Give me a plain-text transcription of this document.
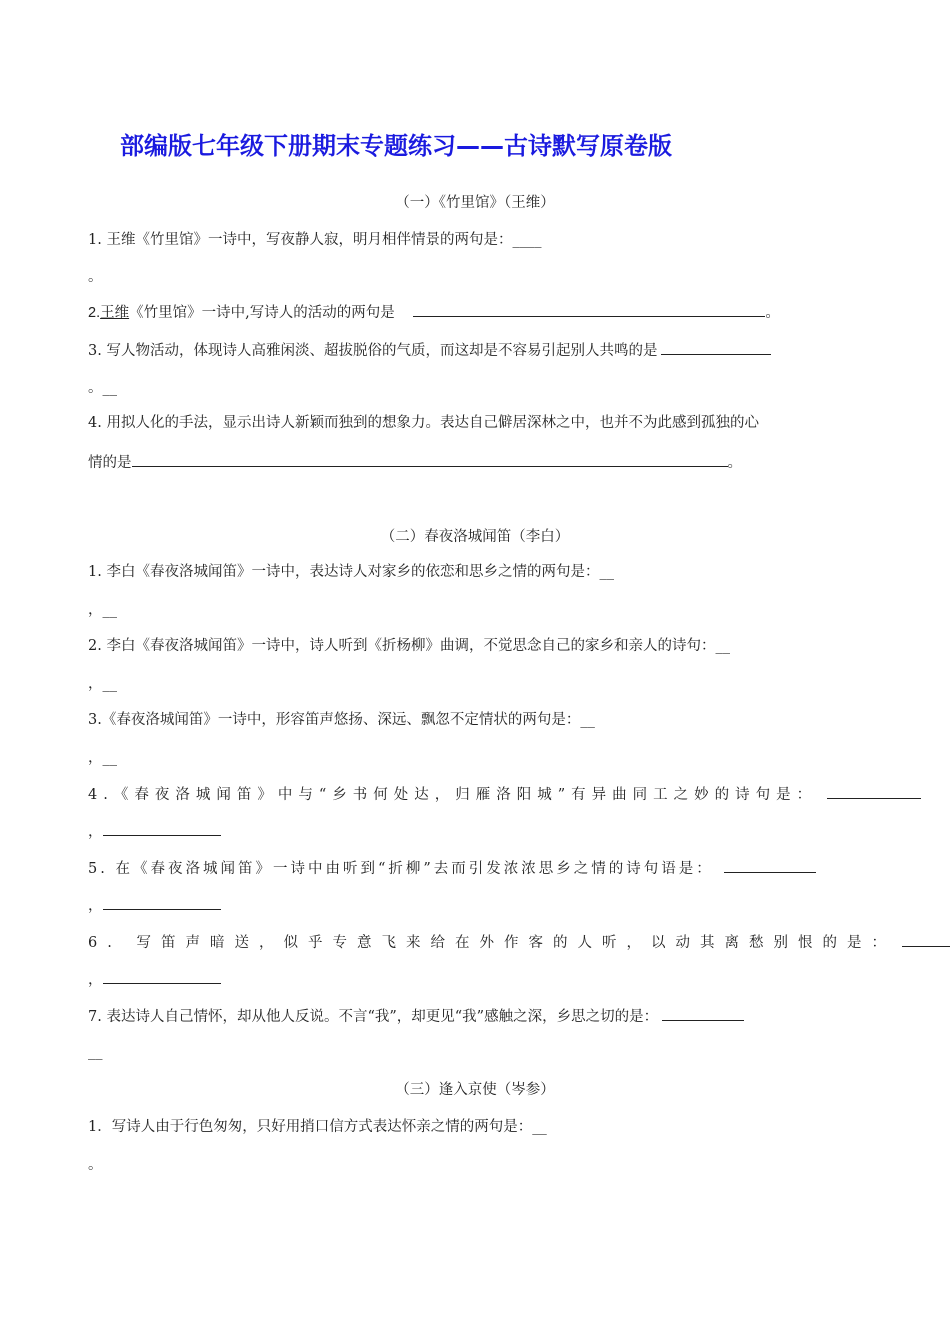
部编版七年级下册期末专题练习——古诗默写原卷版
（一）《竹里馆》（王维）
1. 王维《竹里馆》一诗中，写夜静人寂，明月相伴情景的两句是：____
。
2.王维《竹里馆》一诗中,写诗人的活动的两句是	。
3. 写人物活动，体现诗人高雅闲淡、超拔脱俗的气质，而这却是不容易引起别人共鸣的是
。__
4. 用拟人化的手法，显示出诗人新颖而独到的想象力。表达自己僻居深林之中，也并不为此感到孤独的心
情的是	。
（二）春夜洛城闻笛（李白）
1. 李白《春夜洛城闻笛》一诗中，表达诗人对家乡的依恋和思乡之情的两句是：__
，__
2. 李白《春夜洛城闻笛》一诗中，诗人听到《折杨柳》曲调，不觉思念自己的家乡和亲人的诗句：__
，__
3.《春夜洛城闻笛》一诗中，形容笛声悠扬、深远、飘忽不定情状的两句是：__
，__
4.《春夜洛城闻笛》中与“乡书何处达，归雁洛阳城”有异曲同工之妙的诗句是：
，
5. 在《春夜洛城闻笛》一诗中由听到“折柳”去而引发浓浓思乡之情的诗句语是：
，
6. 写笛声暗送，似乎专意飞来给在外作客的人听，以动其离愁别恨的是：
，
7. 表达诗人自己情怀，却从他人反说。不言“我”，却更见“我”感触之深，乡思之切的是：
__
（三）逢入京使（岑参）
1．写诗人由于行色匆匆，只好用捎口信方式表达怀亲之情的两句是：__
。
